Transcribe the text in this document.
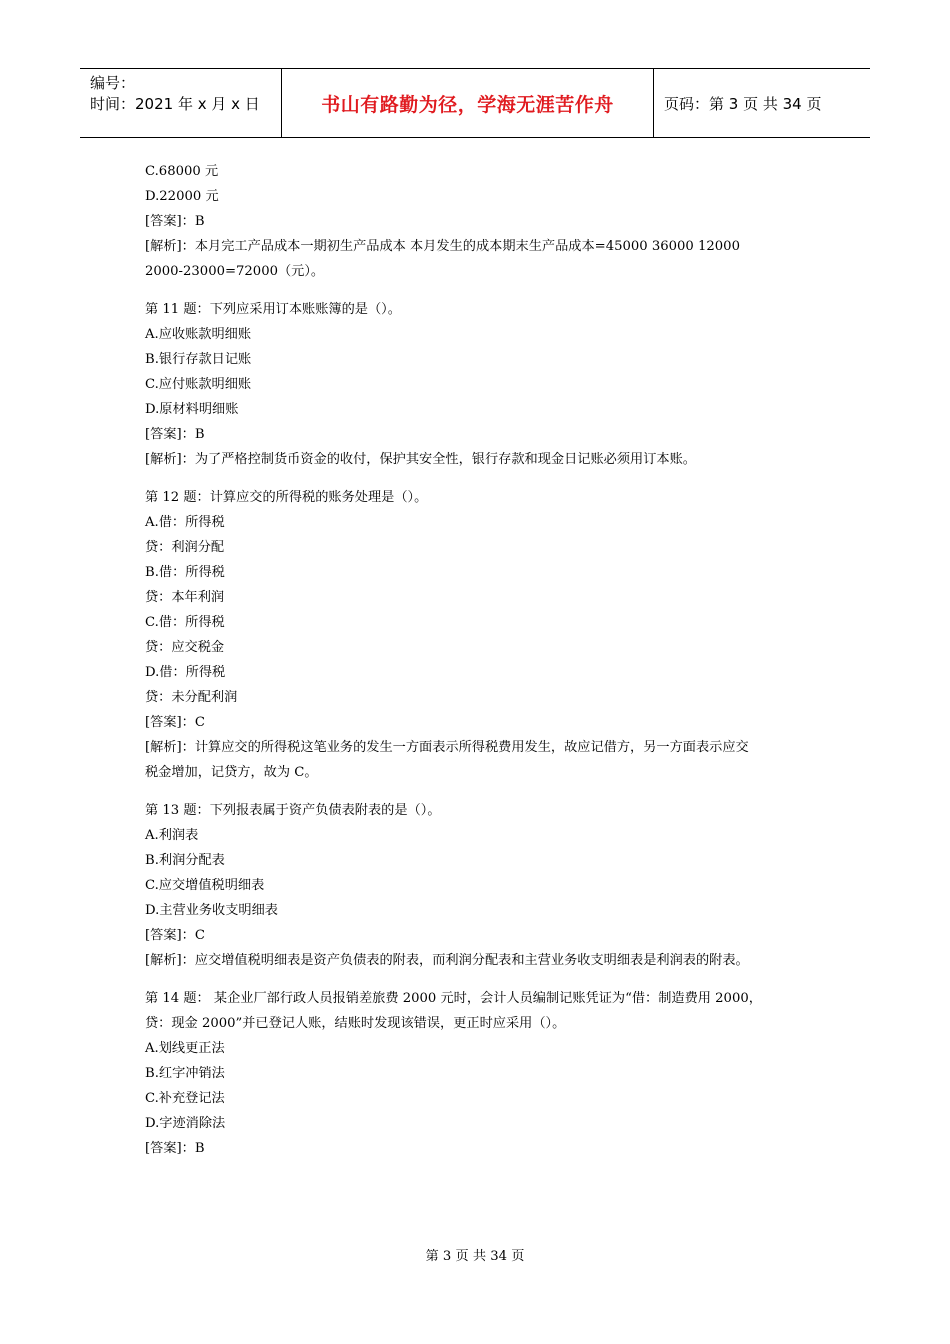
编号：
时间：2021 年 x 月 x 日	书山有路勤为径，学海无涯苦作舟	页码：第 3 页 共 34 页

C.68000 元

D.22000 元

[答案]：B

[解析]：本月完工产品成本一期初生产品成本 本月发生的成本期末生产品成本=45000 36000 12000

2000-23000=72000（元）。

第 11 题：下列应采用订本账账簿的是（）。

A.应收账款明细账

B.银行存款日记账

C.应付账款明细账

D.原材料明细账

[答案]：B

[解析]：为了严格控制货币资金的收付，保护其安全性，银行存款和现金日记账必须用订本账。

第 12 题：计算应交的所得税的账务处理是（）。

A.借：所得税

贷：利润分配

B.借：所得税

贷：本年利润

C.借：所得税

贷：应交税金

D.借：所得税

贷：未分配利润

[答案]：C

[解析]：计算应交的所得税这笔业务的发生一方面表示所得税费用发生，故应记借方，另一方面表示应交

税金增加，记贷方，故为 C。

第 13 题：下列报表属于资产负债表附表的是（）。

A.利润表

B.利润分配表

C.应交增值税明细表

D.主营业务收支明细表

[答案]：C

[解析]：应交增值税明细表是资产负债表的附表，而利润分配表和主营业务收支明细表是利润表的附表。

第 14 题： 某企业厂部行政人员报销差旅费 2000 元时，会计人员编制记账凭证为“借：制造费用 2000，

贷：现金 2000”并已登记人账，结账时发现该错误，更正时应采用（）。

A.划线更正法

B.红字冲销法

C.补充登记法

D.字迹消除法

[答案]：B

第 3 页 共 34 页
